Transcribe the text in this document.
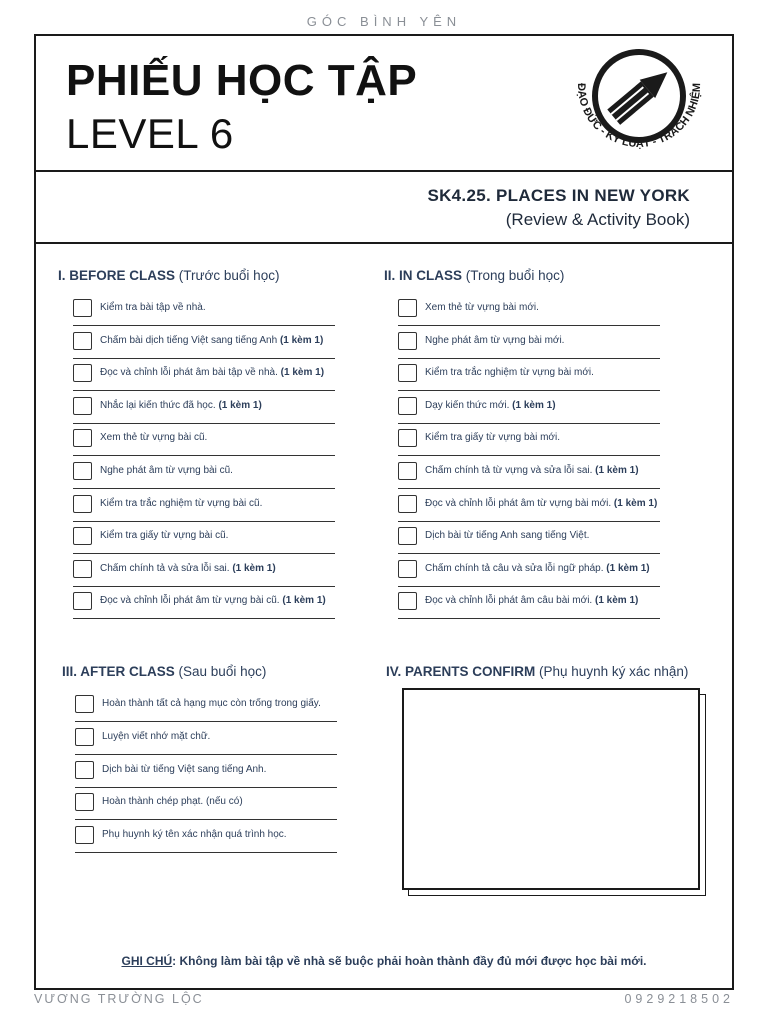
GÓC BÌNH YÊN
PHIẾU HỌC TẬP
LEVEL 6
ĐẠO ĐỨC - KỶ LUẬT - TRÁCH NHIỆM
SK4.25. PLACES IN NEW YORK
(Review & Activity Book)
I. BEFORE CLASS (Trước buổi học)
Kiểm tra bài tập về nhà.
Chấm bài dịch tiếng Việt sang tiếng Anh (1 kèm 1)
Đọc và chỉnh lỗi phát âm bài tập về nhà. (1 kèm 1)
Nhắc lại kiến thức đã học. (1 kèm 1)
Xem thẻ từ vựng bài cũ.
Nghe phát âm từ vựng bài cũ.
Kiểm tra trắc nghiệm từ vựng bài cũ.
Kiểm tra giấy từ vựng bài cũ.
Chấm chính tả và sửa lỗi sai. (1 kèm 1)
Đọc và chỉnh lỗi phát âm từ vựng bài cũ. (1 kèm 1)
II. IN CLASS (Trong buổi học)
Xem thẻ từ vựng bài mới.
Nghe phát âm từ vựng bài mới.
Kiểm tra trắc nghiệm từ vựng bài mới.
Dạy kiến thức mới. (1 kèm 1)
Kiểm tra giấy từ vựng bài mới.
Chấm chính tả từ vựng và sửa lỗi sai. (1 kèm 1)
Đọc và chỉnh lỗi phát âm từ vựng bài mới. (1 kèm 1)
Dịch bài từ tiếng Anh sang tiếng Việt.
Chấm chính tả câu và sửa lỗi ngữ pháp. (1 kèm 1)
Đọc và chỉnh lỗi phát âm câu bài mới. (1 kèm 1)
III. AFTER CLASS (Sau buổi học)
Hoàn thành tất cả hạng mục còn trống trong giấy.
Luyện viết nhớ mặt chữ.
Dịch bài từ tiếng Việt sang tiếng Anh.
Hoàn thành chép phạt. (nếu có)
Phụ huynh ký tên xác nhận quá trình học.
IV. PARENTS CONFIRM (Phụ huynh ký xác nhận)
GHI CHÚ: Không làm bài tập về nhà sẽ buộc phải hoàn thành đầy đủ mới được học bài mới.
VƯƠNG TRƯỜNG LỘC	0929218502
